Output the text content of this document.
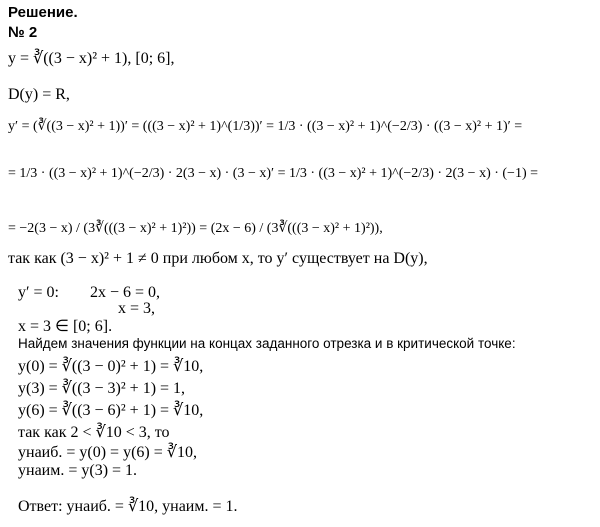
Решение.
№ 2
y = ∛((3 − x)² + 1), [0; 6],
D(y) = R,
y′ = (∛((3 − x)² + 1))′ = (((3 − x)² + 1)^(1/3))′ = 1/3 · ((3 − x)² + 1)^(−2/3) · ((3 − x)² + 1)′ =
= 1/3 · ((3 − x)² + 1)^(−2/3) · 2(3 − x) · (3 − x)′ = 1/3 · ((3 − x)² + 1)^(−2/3) · 2(3 − x) · (−1) =
= −2(3 − x) / (3∛(((3 − x)² + 1)²)) = (2x − 6) / (3∛(((3 − x)² + 1)²)),
так как (3 − x)² + 1 ≠ 0 при любом x, то y′ существует на D(y),
y′ = 0: 2x − 6 = 0,
x = 3,
x = 3 ∈ [0; 6].
Найдем значения функции на концах заданного отрезка и в критической точке:
y(0) = ∛((3 − 0)² + 1) = ∛10,
y(3) = ∛((3 − 3)² + 1) = 1,
y(6) = ∛((3 − 6)² + 1) = ∛10,
так как 2 < ∛10 < 3, то
yнаиб. = y(0) = y(6) = ∛10,
yнаим. = y(3) = 1.
Ответ: yнаиб. = ∛10, yнаим. = 1.
